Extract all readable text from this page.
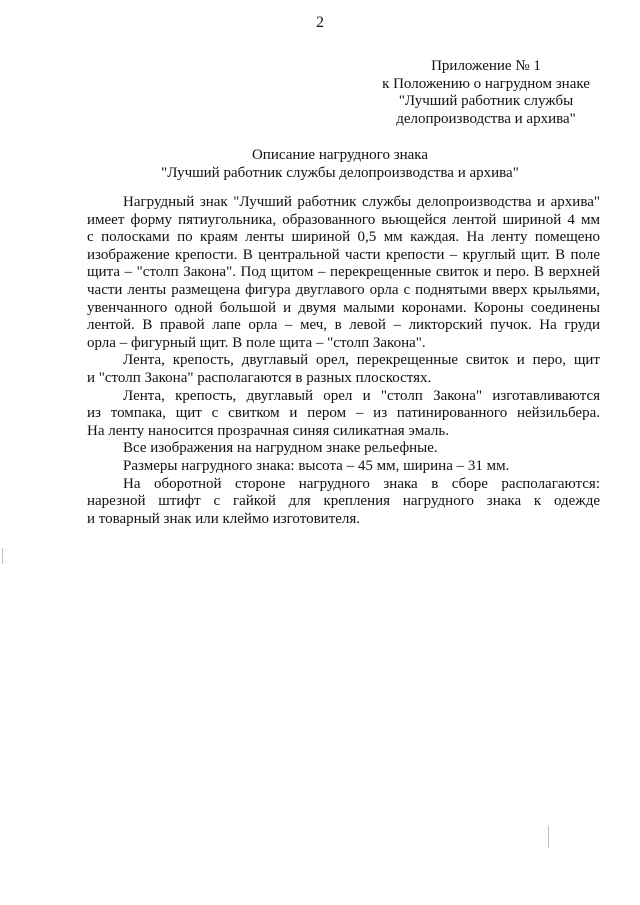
2
Приложение № 1
к Положению о нагрудном знаке
"Лучший работник службы
делопроизводства и архива"
Описание нагрудного знака
"Лучший работник службы делопроизводства и архива"
Нагрудный знак "Лучший работник службы делопроизводства и архива"
имеет форму пятиугольника, образованного вьющейся лентой шириной 4 мм
с полосками по краям ленты шириной 0,5 мм каждая. На ленту помещено
изображение крепости. В центральной части крепости – круглый щит. В поле
щита – "столп Закона". Под щитом – перекрещенные свиток и перо. В верхней
части ленты размещена фигура двуглавого орла с поднятыми вверх крыльями,
увенчанного одной большой и двумя малыми коронами. Короны соединены
лентой. В правой лапе орла – меч, в левой – ликторский пучок. На груди
орла – фигурный щит. В поле щита – "столп Закона".
Лента, крепость, двуглавый орел, перекрещенные свиток и перо, щит
и "столп Закона" располагаются в разных плоскостях.
Лента, крепость, двуглавый орел и "столп Закона" изготавливаются
из томпака, щит с свитком и пером – из патинированного нейзильбера.
На ленту наносится прозрачная синяя силикатная эмаль.
Все изображения на нагрудном знаке рельефные.
Размеры нагрудного знака: высота – 45 мм, ширина – 31 мм.
На оборотной стороне нагрудного знака в сборе располагаются:
нарезной штифт с гайкой для крепления нагрудного знака к одежде
и товарный знак или клеймо изготовителя.
